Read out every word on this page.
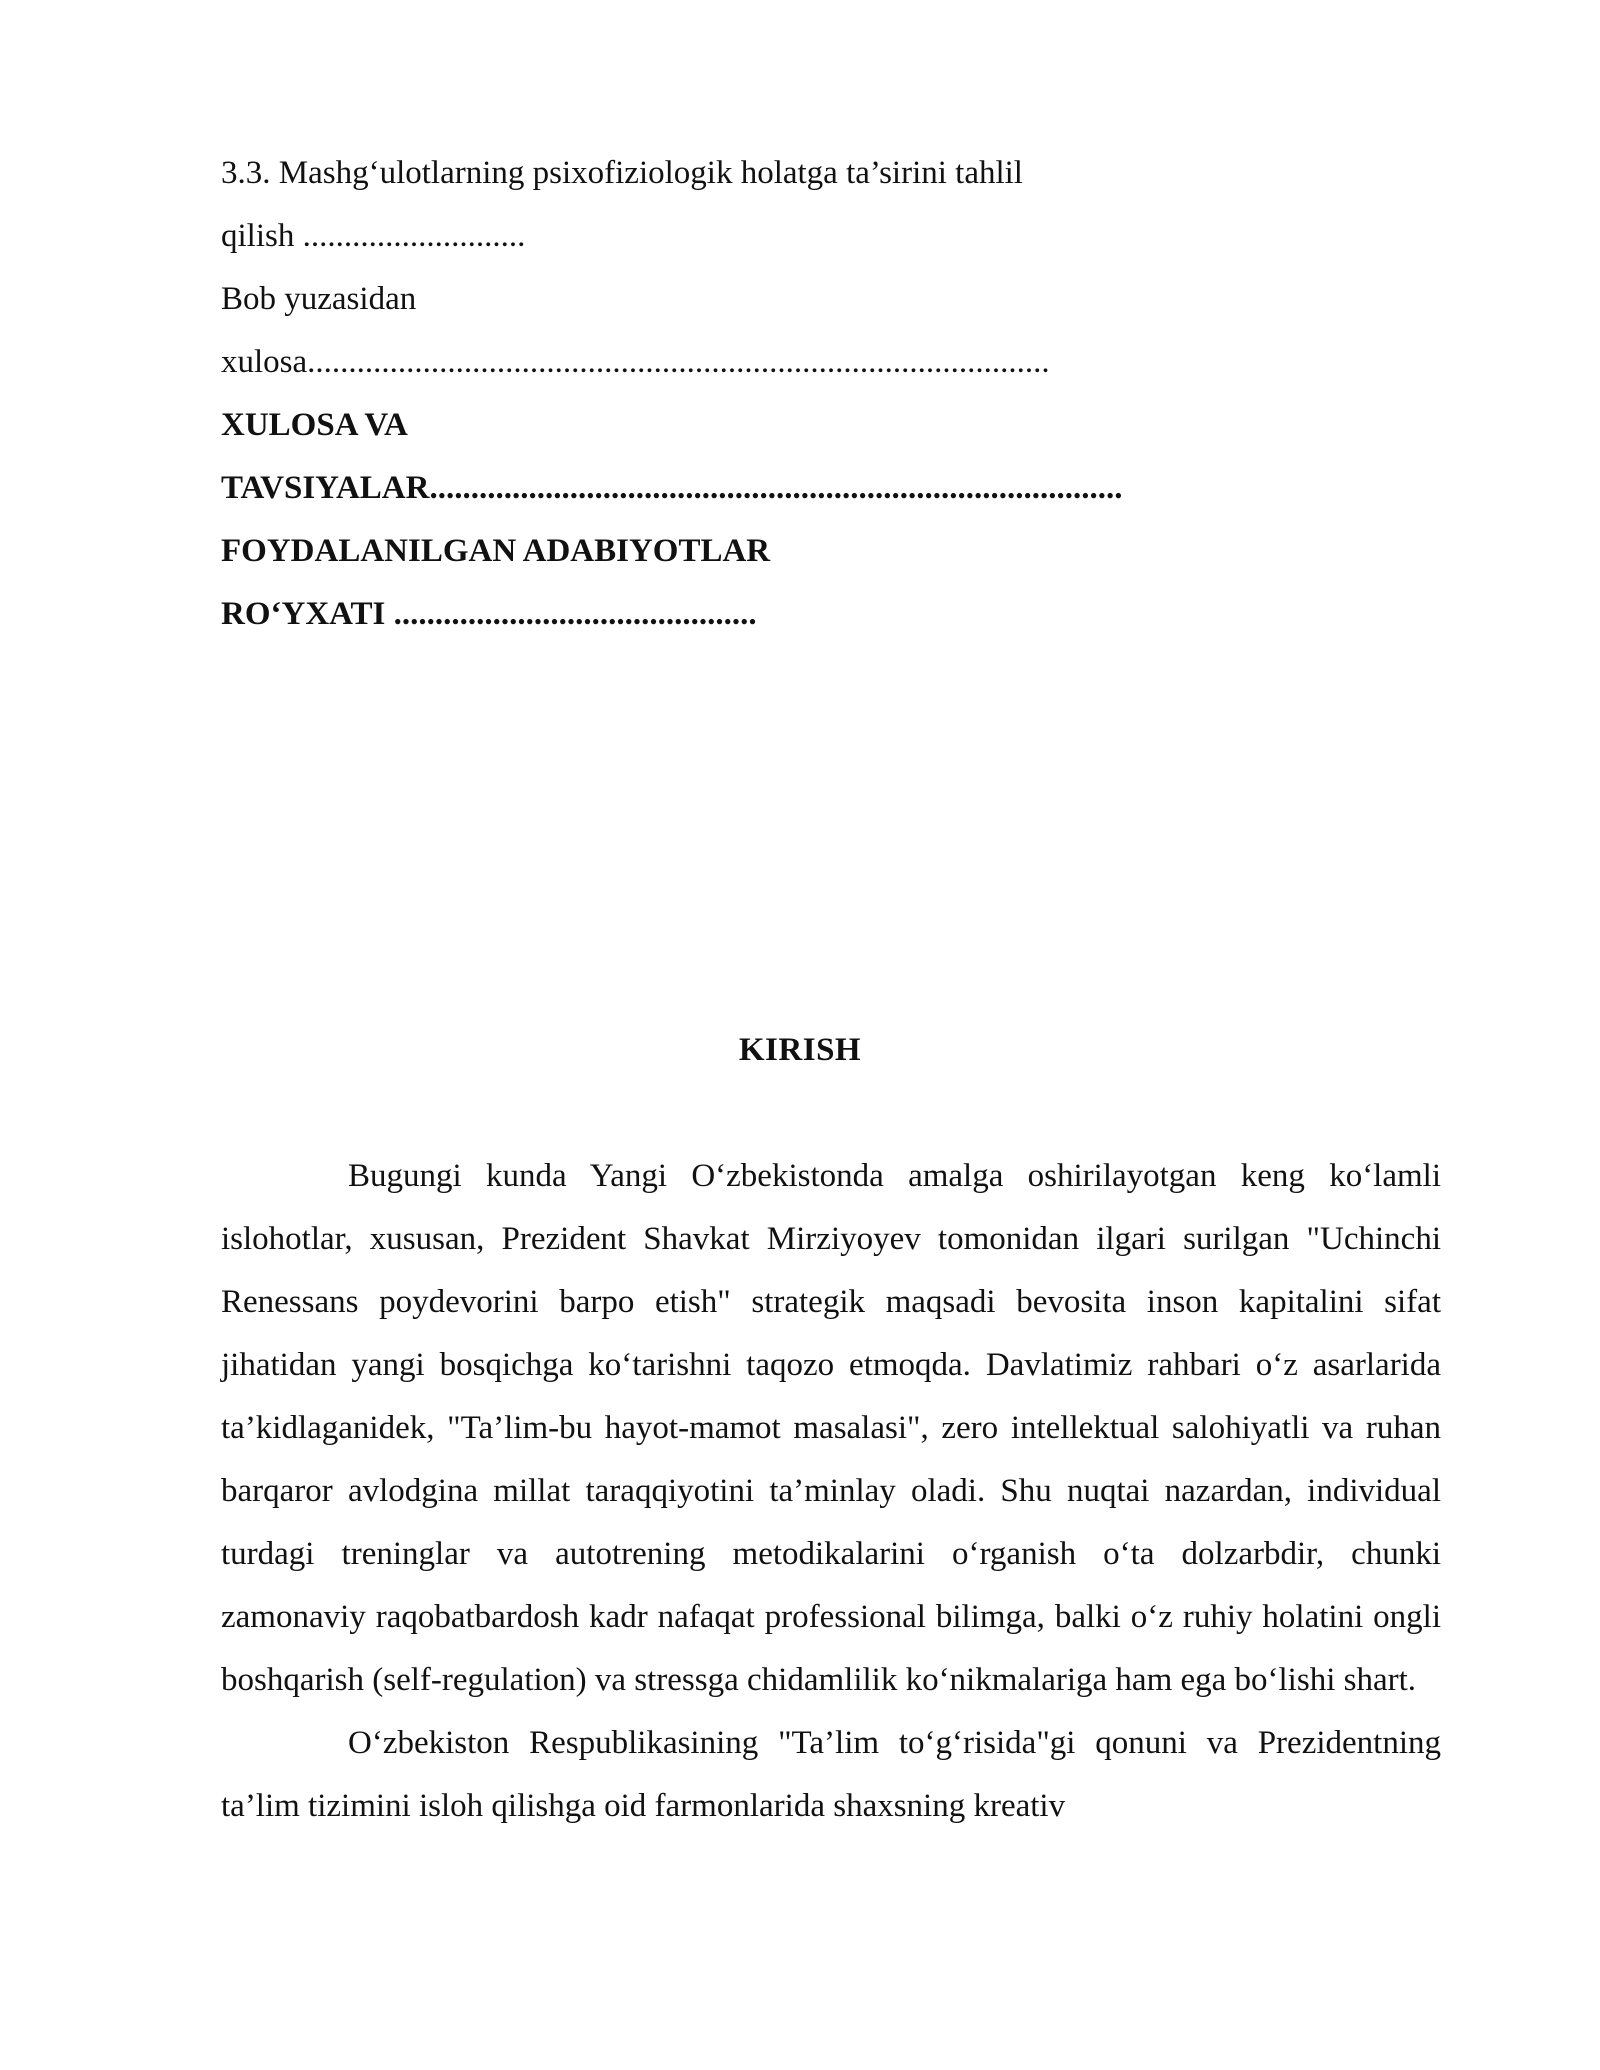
3.3. Mashg‘ulotlarning psixofiziologik holatga ta’sirini tahlil
qilish ...........................
Bob yuzasidan
xulosa..........................................................................................
XULOSA VA
TAVSIYALAR....................................................................................
FOYDALANILGAN ADABIYOTLAR
RO‘YXATI ............................................
KIRISH

Bugungi kunda Yangi O‘zbekistonda amalga oshirilayotgan keng ko‘lamli islohotlar, xususan, Prezident Shavkat Mirziyoyev tomonidan ilgari surilgan "Uchinchi Renessans poydevorini barpo etish" strategik maqsadi bevosita inson kapitalini sifat jihatidan yangi bosqichga ko‘tarishni taqozo etmoqda. Davlatimiz rahbari o‘z asarlarida ta’kidlaganidek, "Ta’lim-bu hayot-mamot masalasi", zero intellektual salohiyatli va ruhan barqaror avlodgina millat taraqqiyotini ta’minlay oladi. Shu nuqtai nazardan, individual turdagi treninglar va autotrening metodikalarini o‘rganish o‘ta dolzarbdir, chunki zamonaviy raqobatbardosh kadr nafaqat professional bilimga, balki o‘z ruhiy holatini ongli boshqarish (self-regulation) va stressga chidamlilik ko‘nikmalariga ham ega bo‘lishi shart.

O‘zbekiston Respublikasining "Ta’lim to‘g‘risida"gi qonuni va Prezidentning ta’lim tizimini isloh qilishga oid farmonlarida shaxsning kreativ
